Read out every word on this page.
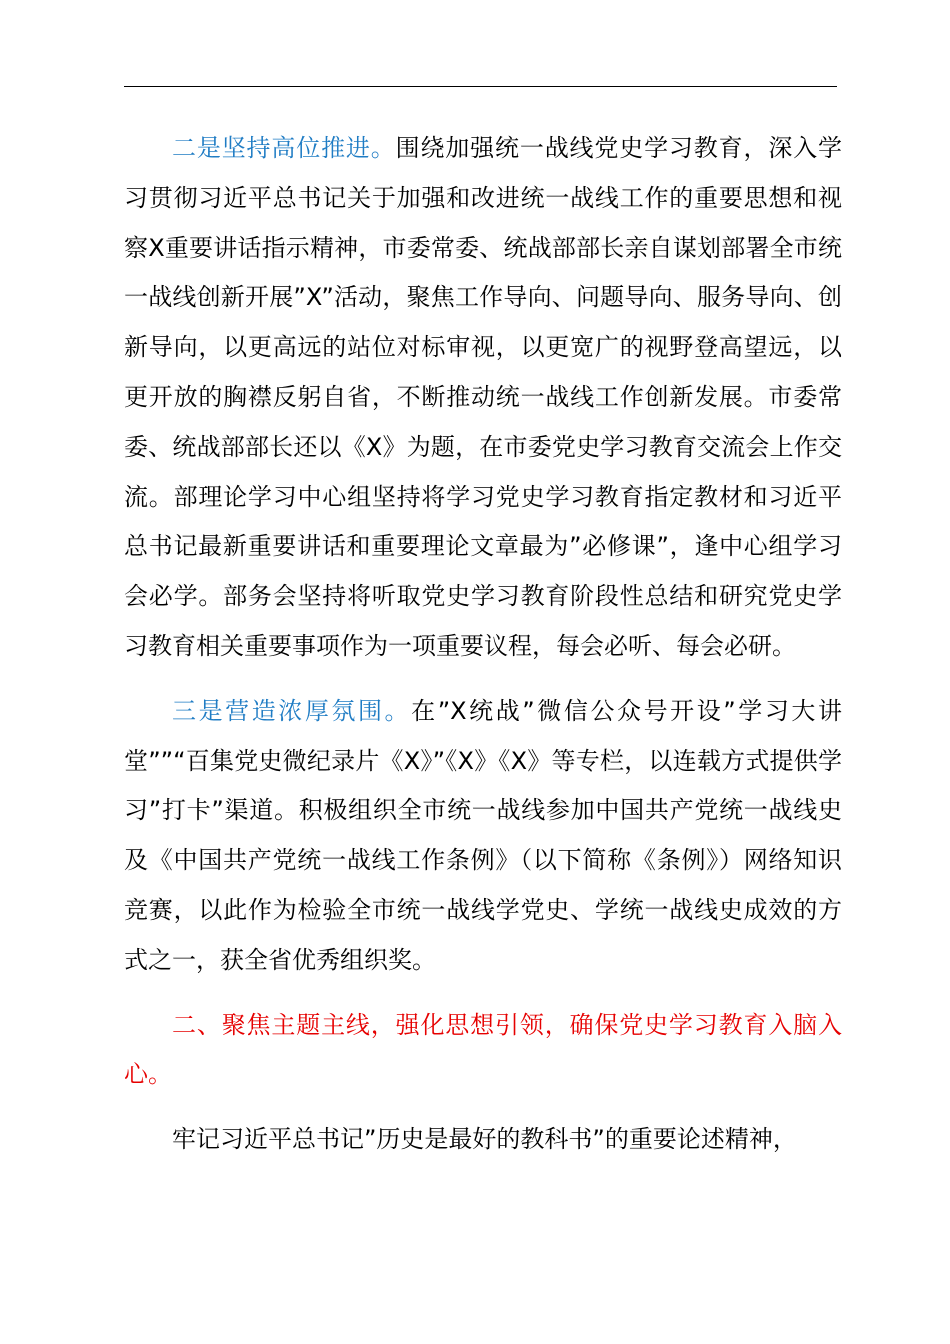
二是坚持高位推进。围绕加强统一战线党史学习教育，深入学习贯彻习近平总书记关于加强和改进统一战线工作的重要思想和视察X重要讲话指示精神，市委常委、统战部部长亲自谋划部署全市统一战线创新开展”X”活动，聚焦工作导向、问题导向、服务导向、创新导向，以更高远的站位对标审视，以更宽广的视野登高望远，以更开放的胸襟反躬自省，不断推动统一战线工作创新发展。市委常委、统战部部长还以《X》为题，在市委党史学习教育交流会上作交流。部理论学习中心组坚持将学习党史学习教育指定教材和习近平总书记最新重要讲话和重要理论文章最为”必修课”，逢中心组学习会必学。部务会坚持将听取党史学习教育阶段性总结和研究党史学习教育相关重要事项作为一项重要议程，每会必听、每会必研。

三是营造浓厚氛围。在”X统战”微信公众号开设”学习大讲堂””“百集党史微纪录片《X》”《X》《X》等专栏，以连载方式提供学习”打卡”渠道。积极组织全市统一战线参加中国共产党统一战线史及《中国共产党统一战线工作条例》（以下简称《条例》）网络知识竞赛，以此作为检验全市统一战线学党史、学统一战线史成效的方式之一，获全省优秀组织奖。

二、聚焦主题主线，强化思想引领，确保党史学习教育入脑入心。

牢记习近平总书记”历史是最好的教科书”的重要论述精神，
